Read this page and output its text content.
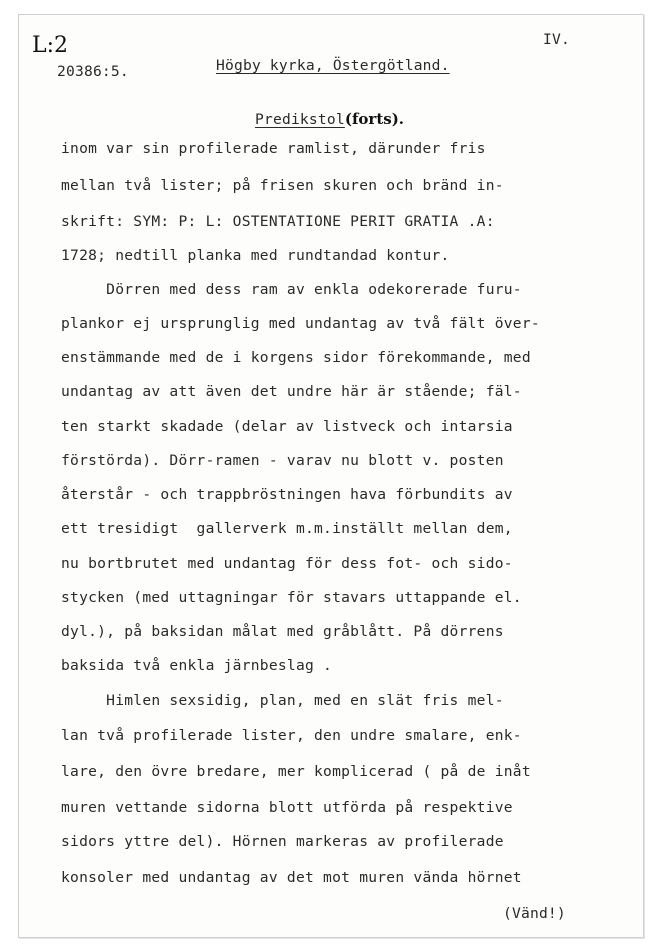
L:2
20386:5.	Högby kyrka, Östergötland.
IV.
Predikstol(forts).
inom var sin profilerade ramlist, därunder fris
mellan två lister; på frisen skuren och bränd in-
skrift: SYM: P: L: OSTENTATIONE PERIT GRATIA .A:
1728; nedtill planka med rundtandad kontur.
Dörren med dess ram av enkla odekorerade furu-
plankor ej ursprunglig med undantag av två fält över-
enstämmande med de i korgens sidor förekommande, med
undantag av att även det undre här är stående; fäl-
ten starkt skadade (delar av listveck och intarsia
förstörda). Dörr-ramen - varav nu blott v. posten
återstår - och trappbröstningen hava förbundits av
ett tresidigt  gallerverk m.m.inställt mellan dem,
nu bortbrutet med undantag för dess fot- och sido-
stycken (med uttagningar för stavars uttappande el.
dyl.), på baksidan målat med gråblått. På dörrens
baksida två enkla järnbeslag .
Himlen sexsidig, plan, med en slät fris mel-
lan två profilerade lister, den undre smalare, enk-
lare, den övre bredare, mer komplicerad ( på de inåt
muren vettande sidorna blott utförda på respektive
sidors yttre del). Hörnen markeras av profilerade
konsoler med undantag av det mot muren vända hörnet
(Vänd!)
